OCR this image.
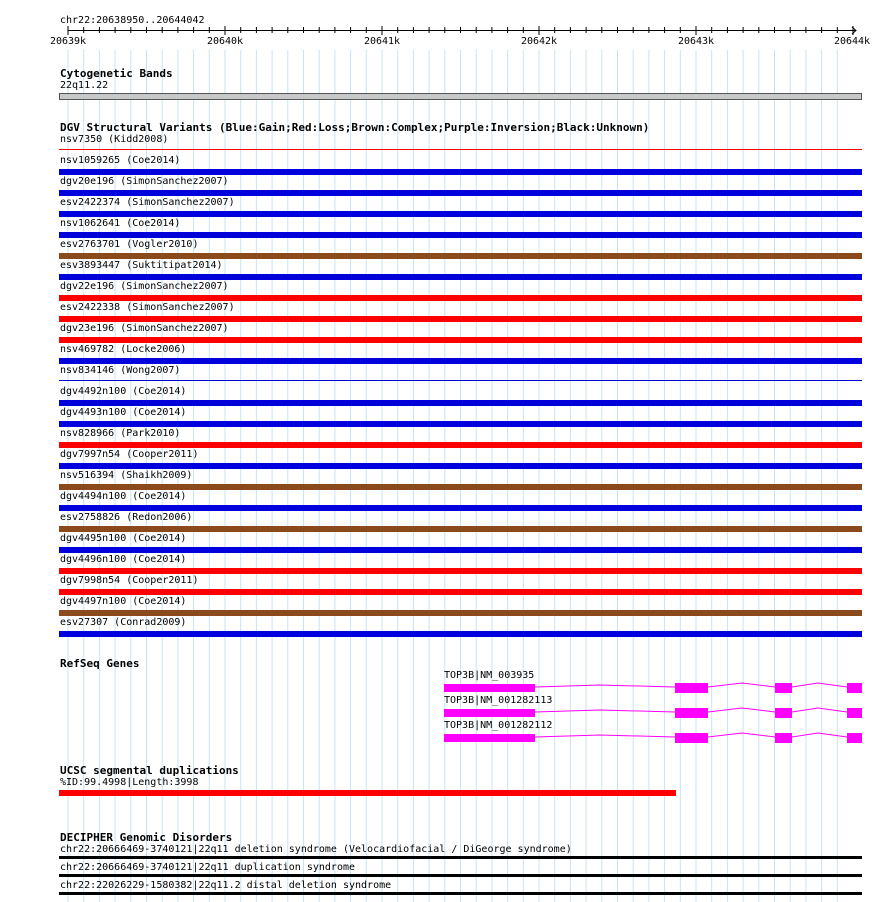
chr22:20638950..20644042
20639k	20640k	20641k	20642k	20643k	20644k
Cytogenetic Bands
22q11.22
DGV Structural Variants (Blue:Gain;Red:Loss;Brown:Complex;Purple:Inversion;Black:Unknown)
nsv7350 (Kidd2008)
nsv1059265 (Coe2014)
dgv20e196 (SimonSanchez2007)
esv2422374 (SimonSanchez2007)
nsv1062641 (Coe2014)
esv2763701 (Vogler2010)
esv3893447 (Suktitipat2014)
dgv22e196 (SimonSanchez2007)
esv2422338 (SimonSanchez2007)
dgv23e196 (SimonSanchez2007)
nsv469782 (Locke2006)
nsv834146 (Wong2007)
dgv4492n100 (Coe2014)
dgv4493n100 (Coe2014)
nsv828966 (Park2010)
dgv7997n54 (Cooper2011)
nsv516394 (Shaikh2009)
dgv4494n100 (Coe2014)
esv2758826 (Redon2006)
dgv4495n100 (Coe2014)
dgv4496n100 (Coe2014)
dgv7998n54 (Cooper2011)
dgv4497n100 (Coe2014)
esv27307 (Conrad2009)
RefSeq Genes
TOP3B|NM_003935
TOP3B|NM_001282113
TOP3B|NM_001282112
UCSC segmental duplications
%ID:99.4998|Length:3998
DECIPHER Genomic Disorders
chr22:20666469-3740121|22q11 deletion syndrome (Velocardiofacial / DiGeorge syndrome)
chr22:20666469-3740121|22q11 duplication syndrome
chr22:22026229-1580382|22q11.2 distal deletion syndrome
